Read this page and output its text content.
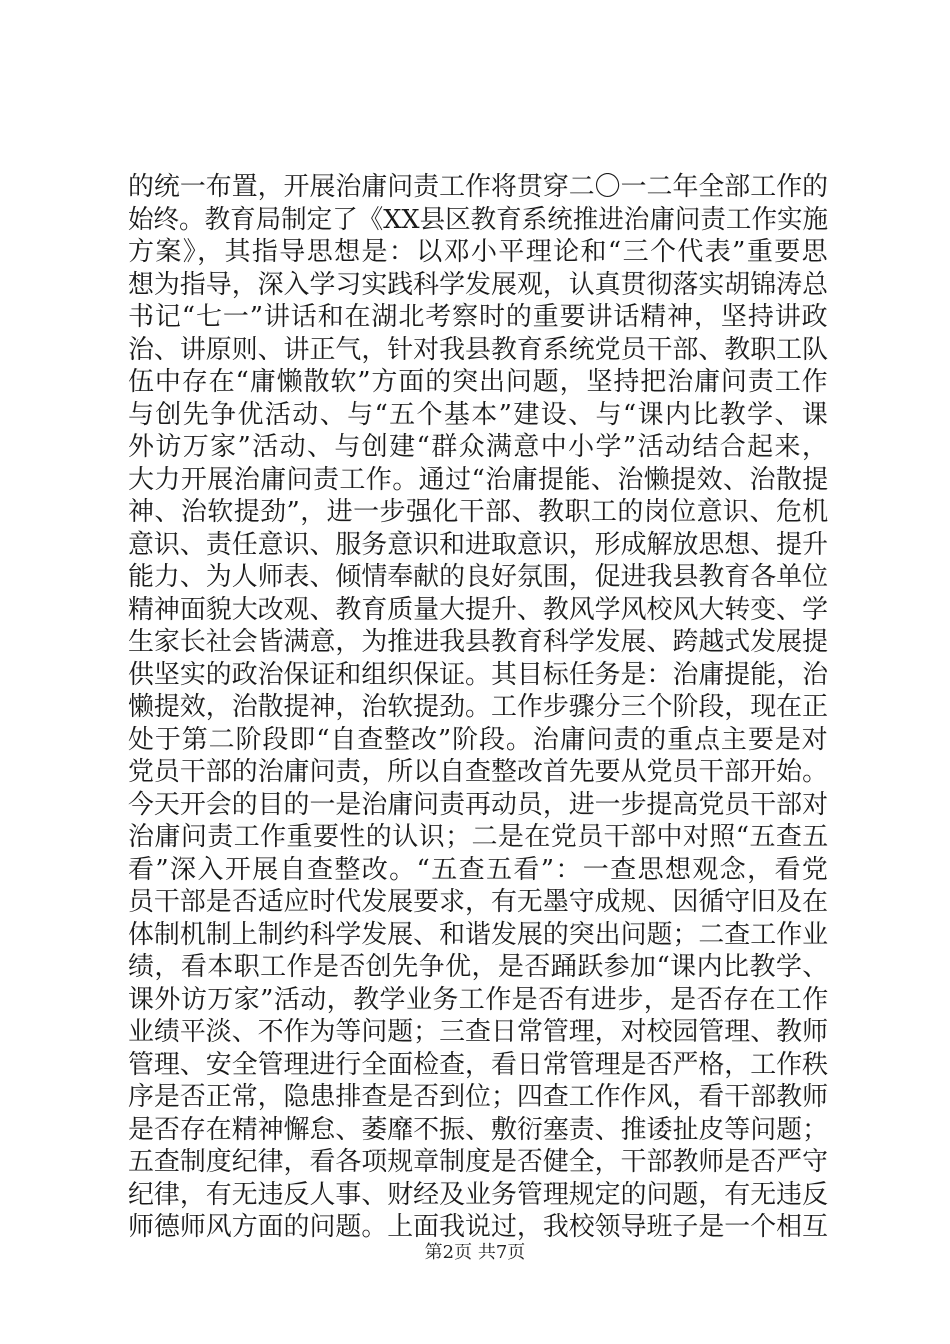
的统一布置，开展治庸问责工作将贯穿二〇一二年全部工作的
始终。教育局制定了《XX县区教育系统推进治庸问责工作实施
方案》，其指导思想是：以邓小平理论和“三个代表”重要思
想为指导，深入学习实践科学发展观，认真贯彻落实胡锦涛总
书记“七一”讲话和在湖北考察时的重要讲话精神，坚持讲政
治、讲原则、讲正气，针对我县教育系统党员干部、教职工队
伍中存在“庸懒散软”方面的突出问题，坚持把治庸问责工作
与创先争优活动、与“五个基本”建设、与“课内比教学、课
外访万家”活动、与创建“群众满意中小学”活动结合起来，
大力开展治庸问责工作。通过“治庸提能、治懒提效、治散提
神、治软提劲”，进一步强化干部、教职工的岗位意识、危机
意识、责任意识、服务意识和进取意识，形成解放思想、提升
能力、为人师表、倾情奉献的良好氛围，促进我县教育各单位
精神面貌大改观、教育质量大提升、教风学风校风大转变、学
生家长社会皆满意，为推进我县教育科学发展、跨越式发展提
供坚实的政治保证和组织保证。其目标任务是：治庸提能，治
懒提效，治散提神，治软提劲。工作步骤分三个阶段，现在正
处于第二阶段即“自查整改”阶段。治庸问责的重点主要是对
党员干部的治庸问责，所以自查整改首先要从党员干部开始。
今天开会的目的一是治庸问责再动员，进一步提高党员干部对
治庸问责工作重要性的认识；二是在党员干部中对照“五查五
看”深入开展自查整改。“五查五看”：一查思想观念，看党
员干部是否适应时代发展要求，有无墨守成规、因循守旧及在
体制机制上制约科学发展、和谐发展的突出问题；二查工作业
绩，看本职工作是否创先争优，是否踊跃参加“课内比教学、
课外访万家”活动，教学业务工作是否有进步，是否存在工作
业绩平淡、不作为等问题；三查日常管理，对校园管理、教师
管理、安全管理进行全面检查，看日常管理是否严格，工作秩
序是否正常，隐患排查是否到位；四查工作作风，看干部教师
是否存在精神懈怠、萎靡不振、敷衍塞责、推诿扯皮等问题；
五查制度纪律，看各项规章制度是否健全，干部教师是否严守
纪律，有无违反人事、财经及业务管理规定的问题，有无违反
师德师风方面的问题。上面我说过，我校领导班子是一个相互
第2页 共7页
